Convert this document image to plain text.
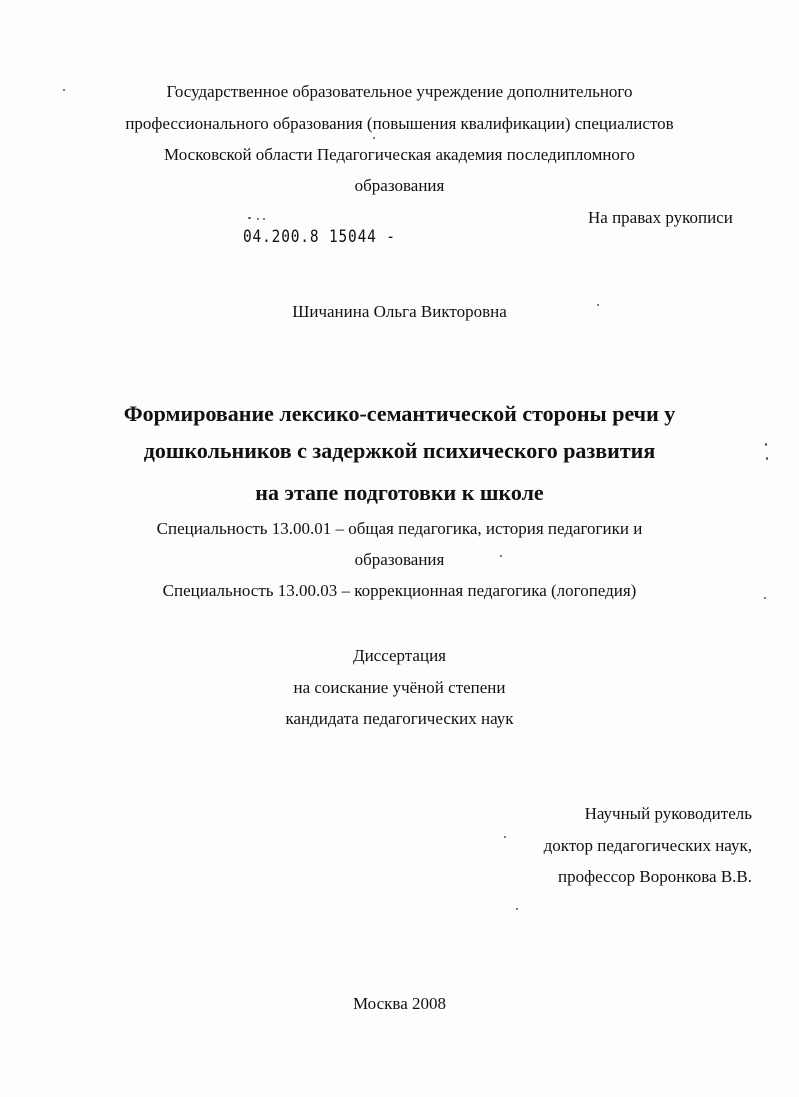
Государственное образовательное учреждение дополнительного
профессионального образования (повышения квалификации) специалистов
Московской области Педагогическая академия последипломного
образования
На правах рукописи
04.200.8 15044 -
Шичанина Ольга Викторовна
Формирование лексико-семантической стороны речи у
дошкольников с задержкой психического развития
на этапе подготовки к школе
Специальность 13.00.01 – общая педагогика, история педагогики и
образования
Специальность 13.00.03 – коррекционная педагогика (логопедия)
Диссертация
на соискание учёной степени
кандидата педагогических наук
Научный руководитель
доктор педагогических наук,
профессор Воронкова В.В.
Москва 2008
